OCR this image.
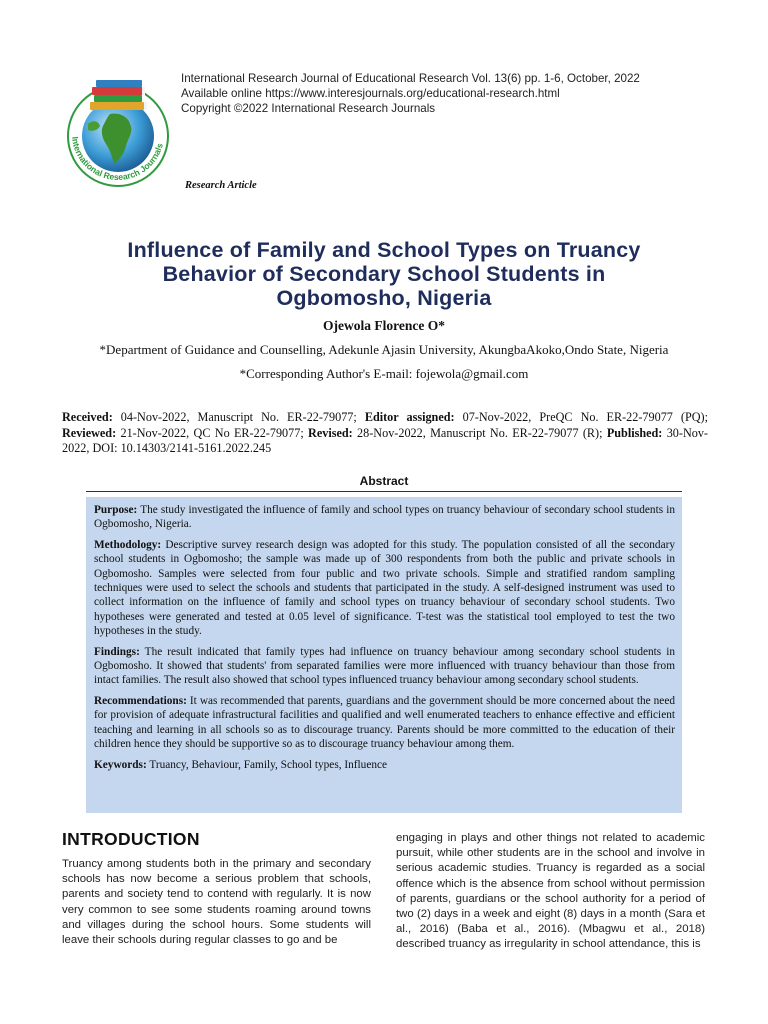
International Research Journals
International Research Journal of Educational Research Vol. 13(6) pp. 1-6, October, 2022
Available online https://www.interesjournals.org/educational-research.html
Copyright ©2022 International Research Journals
Research Article
Influence of Family and School Types on Truancy
Behavior of Secondary School Students in
Ogbomosho, Nigeria
Ojewola Florence O*
*Department of Guidance and Counselling, Adekunle Ajasin University, AkungbaAkoko,Ondo State, Nigeria
*Corresponding Author's E-mail: fojewola@gmail.com
Received: 04-Nov-2022, Manuscript No. ER-22-79077; Editor assigned: 07-Nov-2022, PreQC No. ER-22-79077 (PQ); Reviewed: 21-Nov-2022, QC No ER-22-79077; Revised: 28-Nov-2022, Manuscript No. ER-22-79077 (R); Published: 30-Nov-2022, DOI: 10.14303/2141-5161.2022.245
Abstract

Purpose: The study investigated the influence of family and school types on truancy behaviour of secondary school students in Ogbomosho, Nigeria.

Methodology: Descriptive survey research design was adopted for this study. The population consisted of all the secondary school students in Ogbomosho; the sample was made up of 300 respondents from both the public and private schools in Ogbomosho. Samples were selected from four public and two private schools. Simple and stratified random sampling techniques were used to select the schools and students that participated in the study. A self-designed instrument was used to collect information on the influence of family and school types on truancy behaviour of secondary school students. Two hypotheses were generated and tested at 0.05 level of significance. T-test was the statistical tool employed to test the two hypotheses in the study.

Findings: The result indicated that family types had influence on truancy behaviour among secondary school students in Ogbomosho. It showed that students' from separated families were more influenced with truancy behaviour than those from intact families. The result also showed that school types influenced truancy behaviour among secondary school students.

Recommendations: It was recommended that parents, guardians and the government should be more concerned about the need for provision of adequate infrastructural facilities and qualified and well enumerated teachers to enhance effective and efficient teaching and learning in all schools so as to discourage truancy. Parents should be more committed to the education of their children hence they should be supportive so as to discourage truancy behaviour among them.

Keywords: Truancy, Behaviour, Family, School types, Influence

INTRODUCTION
Truancy among students both in the primary and secondary schools has now become a serious problem that schools, parents and society tend to contend with regularly. It is now very common to see some students roaming around towns and villages during the school hours. Some students will leave their schools during regular classes to go and be
engaging in plays and other things not related to academic pursuit, while other students are in the school and involve in serious academic studies. Truancy is regarded as a social offence which is the absence from school without permission of parents, guardians or the school authority for a period of two (2) days in a week and eight (8) days in a month (Sara et al., 2016) (Baba et al., 2016). (Mbagwu et al., 2018) described truancy as irregularity in school attendance, this is
